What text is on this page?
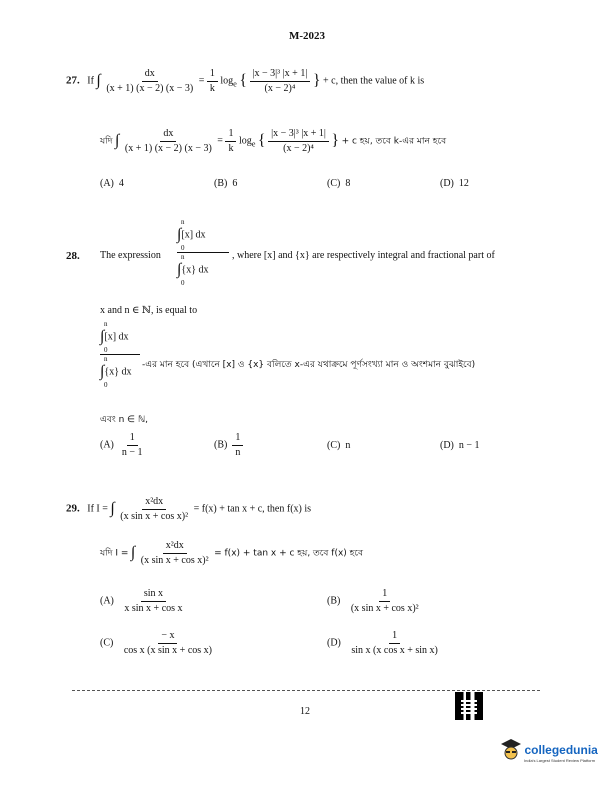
M-2023
27. If ∫ $\frac{dx}{(x + 1) (x - 2) (x - 3)} = \frac{1}{k} \log_e$ { $\frac{\text{|x − 3|³ |x + 1|}}{\text{(x − 2)⁴}}$ } + c, then the value of k is
যদি ∫ $\frac{dx}{(x + 1) (x - 2) (x - 3)} = \frac{1}{k} \log_e$ { $\frac{\text{|x − 3|³ |x + 1|}}{\text{(x − 2)⁴}}$ } + c হয়, তবে k-এর মান হবে
(A) 4	(B) 6	(C) 8	(D) 12
28. The expression
n
∫[x] dx
0
n
∫{x} dx
0
, where [x] and {x} are respectively integral and fractional part of
x and n ∈ ℕ, is equal to
n
∫[x] dx
0
n
∫{x} dx
0
-এর মান হবে (এখানে [x] ও {x} বলিতে x-এর যথাক্রমে পূর্ণসংখ্যা মান ও অংশমান বুঝাইবে)
এবং n ∈ ℕ,
$(A) \frac{1}{n - 1}$	$(B) \frac{1}{n}$	(C) n	(D) n − 1
29. If I = ∫ $\frac{\text{x²dx}}{\text{(x sin x + cos x)²}} = f(x) + \tan x + c$, then f(x) is
যদি I = ∫ $\frac{\text{x²dx}}{\text{(x sin x + cos x)²}} = f(x) + \tan x + c$ হয়, তবে f(x) হবে
$(A) \frac{\text{sin x}}{\text{x sin x + cos x}}$	$(B) \frac{1}{\text{(x sin x + cos x)²}}$
$(C) \frac{- x}{\text{cos x (x sin x + cos x)}}$	$(D) \frac{1}{\text{sin x (x cos x + sin x)}}$
12
collegedunia
India's Largest Student Review Platform
